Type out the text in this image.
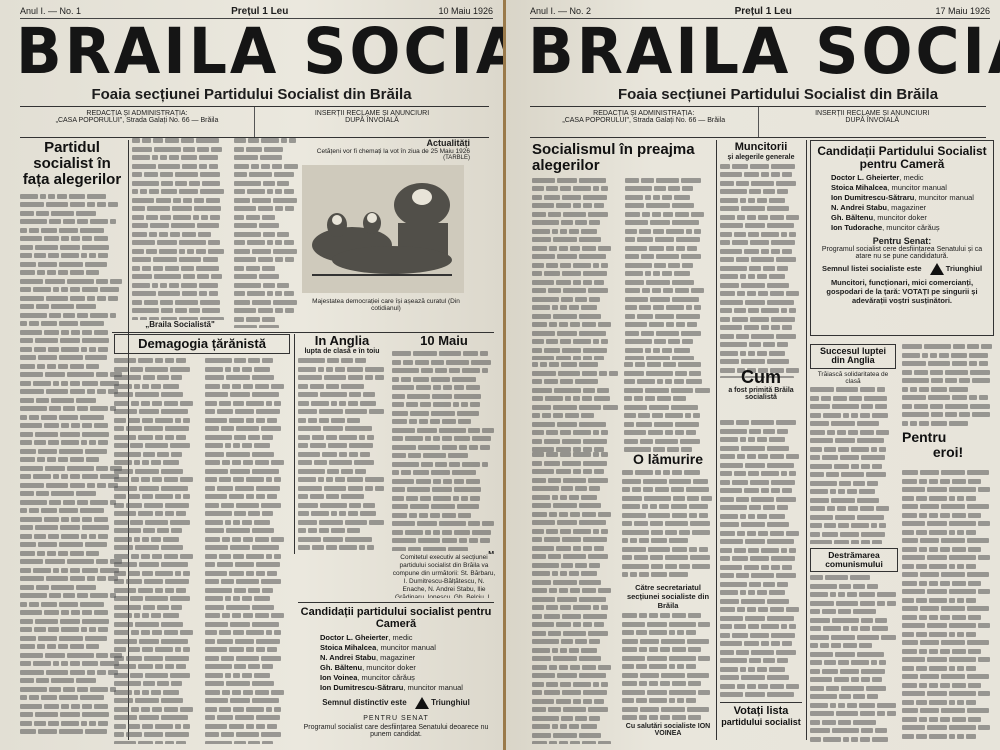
Anul I. — No. 1	Prețul 1 Leu	10 Maiu 1926
BRAILA SOCI
Foaia secțiunei Partidului Socialist din Brăila
REDACȚIA ȘI ADMINISTRAȚIA:
„CASA POPORULUI", Strada Galați No. 66 — Brăila
INSERȚII RECLAME ȘI ANUNCIURI
DUPĂ ÎNVOIALĂ
Partidul socialist în fața alegerilor
„Braila Socialistă"
Actualități
Cetățeni vor fi chemați la vot în ziua de 25 Maiu 1926
(TARBLE)
Majestatea democrației care își așează curatul (Din cotidianul)
Demagogia țărănistă	In Anglia
lupta de clasă e în toiu
10 Maiu
Comitetul executiv al secțiunei partidului socialist din Brăila va compune din următorii: St. Bărbaru, I. Dumitrescu-Bălțătescu, N. Enache, N. Andrei Stabu, Ilie Grădinaru, Ionescu, Gh. Belciu, L.
Candidații partidului socialist pentru Cameră
Doctor L. Gheierter, medic
Stoica Mihalcea, muncitor manual
N. Andrei Stabu, magaziner
Gh. Băltenu, muncitor doker
Ion Voinea, muncitor cărăuș
Ion Dumitrescu-Sătraru, muncitor manual
Semnul distinctiv este	Triunghiul
PENTRU SENAT
Programul socialist care desființarea Senatului deoarece nu punem candidat.
Anul I. — No. 2	Prețul 1 Leu	17 Maiu 1926
BRAILA SOCI
Foaia secțiunei Partidului Socialist din Brăila
REDACȚIA ȘI ADMINISTRAȚIA:
„CASA POPORULUI", Strada Galați No. 66 — Brăila
INSERȚII RECLAME ȘI ANUNCIURI
DUPĂ ÎNVOIALĂ
Socialismul în preajma alegerilor
Muncitorii
și alegerile generale	Candidații Partidului Socialist pentru Cameră
Doctor L. Gheierter, medic
Stoica Mihalcea, muncitor manual
Ion Dumitrescu-Sătraru, muncitor manual
N. Andrei Stabu, magaziner
Gh. Băltenu, muncitor doker
Ion Tudorache, muncitor cărăuș
Pentru Senat:
Programul socialist cere desființarea Senatului și ca atare nu se pune candidatură.
Semnul listei socialiste este	Triunghiul
Muncitori, funcționari, mici comercianți, gospodari de la țară: VOTAȚI pe singurii și adevărații voștri susținători.
Cum
a fost primită Brăila socialistă
O lămurire
Către secretariatul secțiunei socialiste din Brăila
Cu salutări socialiste ION VOINEA
Votați lista
partidului socialist
Succesul luptei din Anglia
Trăiască solidaritatea de clasă
Pentru
eroi!
Destrămarea comunismului
